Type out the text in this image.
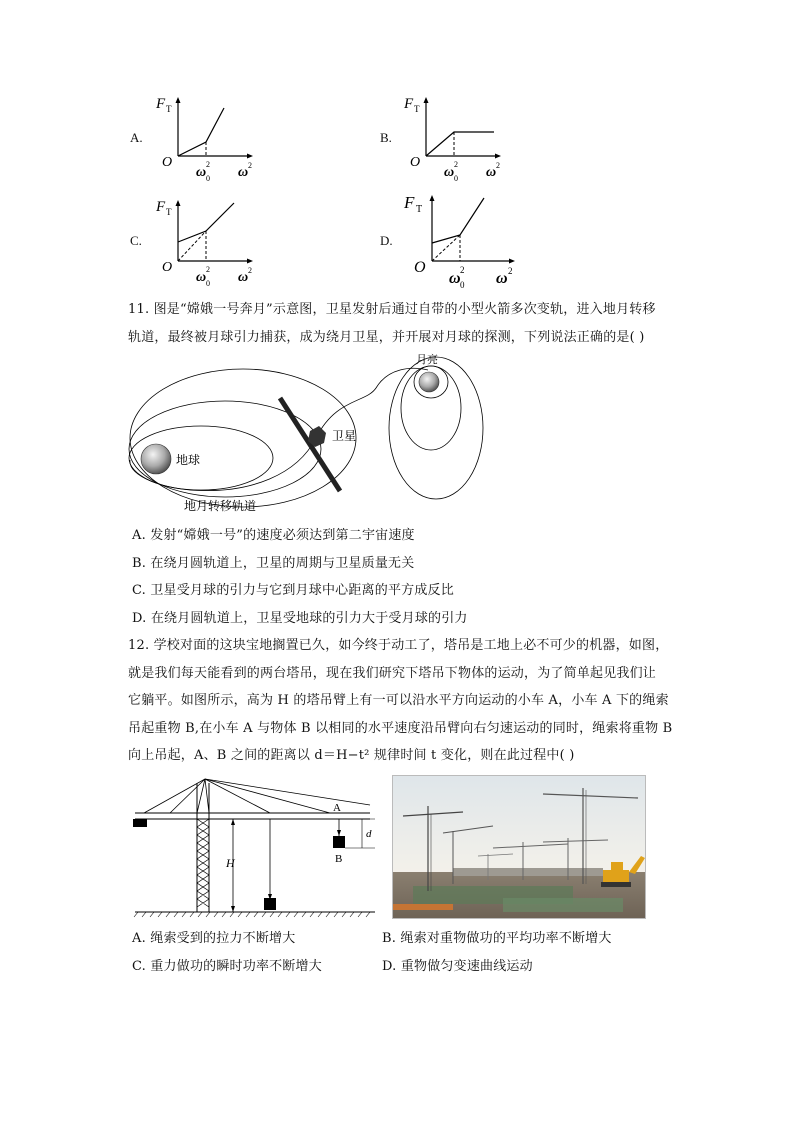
A.
F T
O
ω 0
2
ω 2
B.
F T
O
ω 0
2
ω 2
C.
F T
O
ω 0
2
ω 2
D.
F T
O
ω 0
2 ω 2
11. 图是“嫦娥一号奔月”示意图，卫星发射后通过自带的小型火箭多次变轨，进入地月转移
轨道，最终被月球引力捕获，成为绕月卫星，并开展对月球的探测，下列说法正确的是( )
地球
月亮
卫星
地月转移轨道
A. 发射“嫦娥一号”的速度必须达到第二宇宙速度
B. 在绕月圆轨道上，卫星的周期与卫星质量无关
C. 卫星受月球的引力与它到月球中心距离的平方成反比
D. 在绕月圆轨道上，卫星受地球的引力大于受月球的引力
12. 学校对面的这块宝地搁置已久，如今终于动工了，塔吊是工地上必不可少的机器，如图，
就是我们每天能看到的两台塔吊，现在我们研究下塔吊下物体的运动，为了简单起见我们让
它躺平。如图所示，高为 H 的塔吊臂上有一可以沿水平方向运动的小车 A，小车 A 下的绳索
吊起重物 B,在小车 A 与物体 B 以相同的水平速度沿吊臂向右匀速运动的同时，绳索将重物 B
向上吊起，A、B 之间的距离以 d＝H−t² 规律时间 t 变化，则在此过程中( )
H
A
B
d
A. 绳索受到的拉力不断增大	B. 绳索对重物做功的平均功率不断增大
C. 重力做功的瞬时功率不断增大	D. 重物做匀变速曲线运动
